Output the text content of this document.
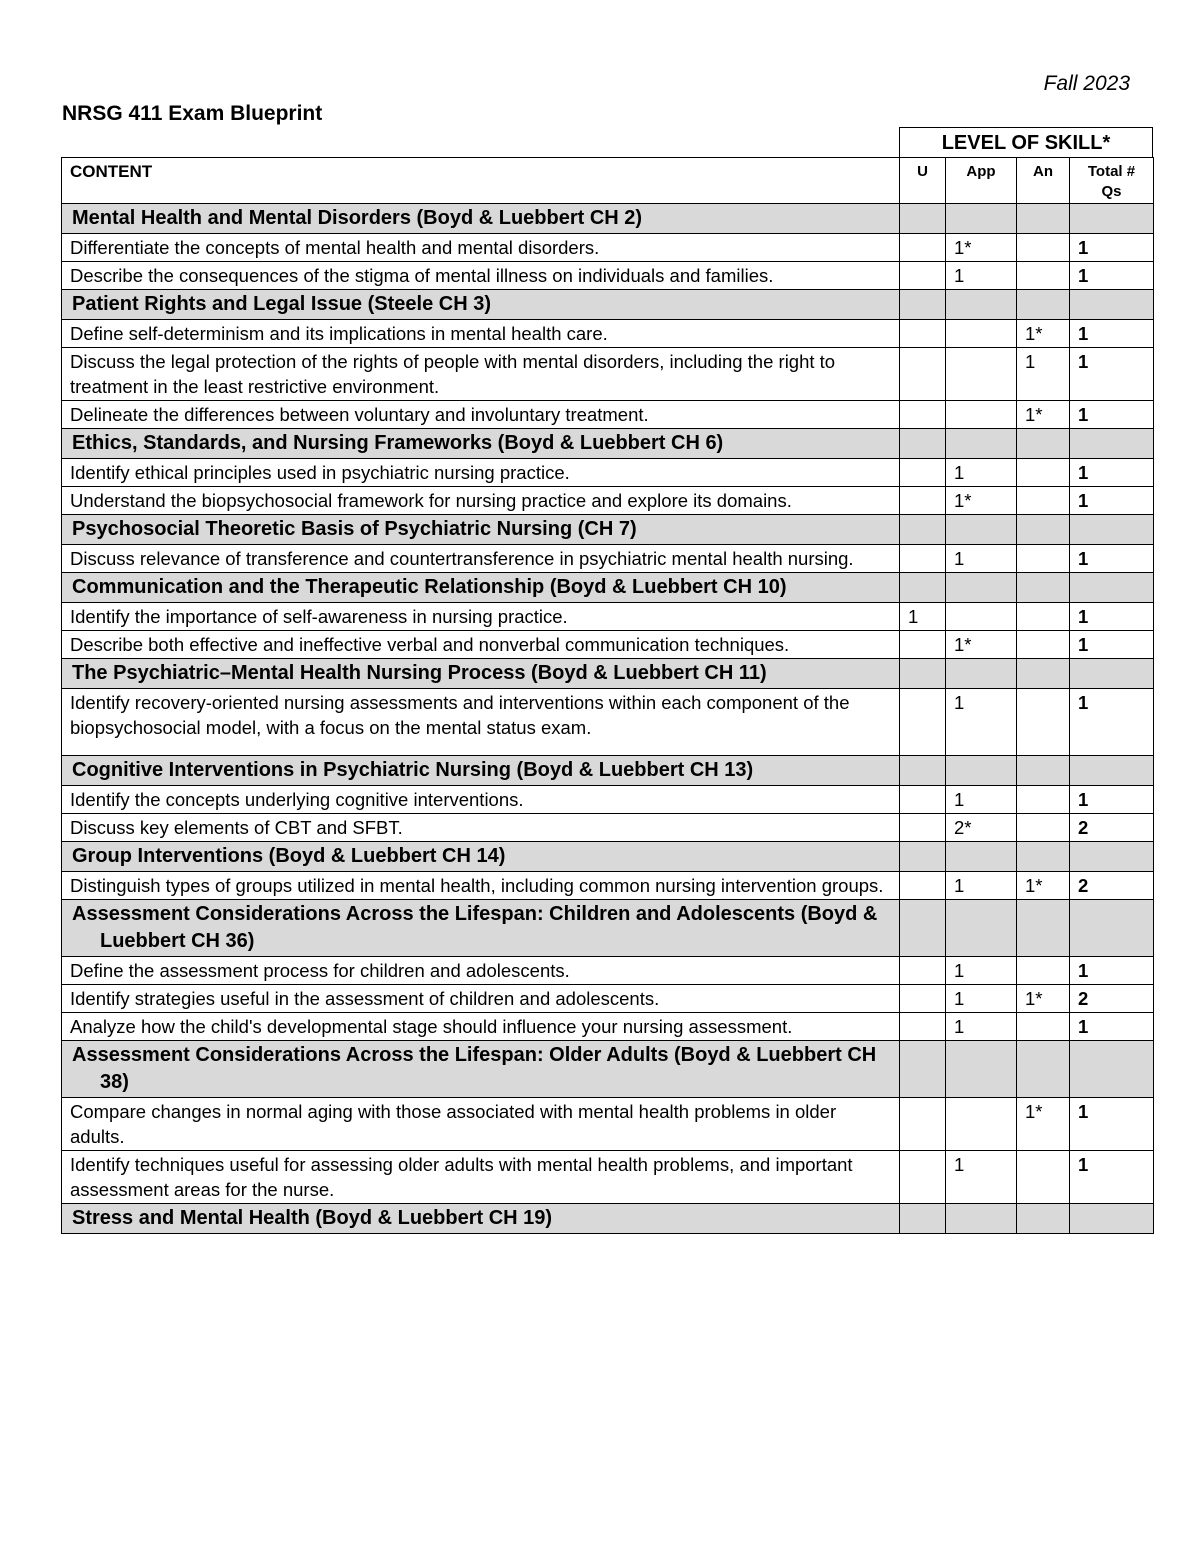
Fall 2023
NRSG 411 Exam Blueprint
LEVEL OF SKILL*
CONTENT	U	App	An	Total # Qs

Mental Health and Mental Disorders (Boyd & Luebbert CH 2)				

Differentiate the concepts of mental health and mental disorders.		1*		1
Describe the consequences of the stigma of mental illness on individuals and families.		1		1

Patient Rights and Legal Issue (Steele CH 3)				

Define self-determinism and its implications in mental health care.			1*	1
Discuss the legal protection of the rights of people with mental disorders, including the right to treatment in the least restrictive environment.			1	1
Delineate the differences between voluntary and involuntary treatment.			1*	1

Ethics, Standards, and Nursing Frameworks (Boyd & Luebbert CH 6)				

Identify ethical principles used in psychiatric nursing practice.		1		1
Understand the biopsychosocial framework for nursing practice and explore its domains.		1*		1

Psychosocial Theoretic Basis of Psychiatric Nursing (CH 7)				

Discuss relevance of transference and countertransference in psychiatric mental health nursing.		1		1

Communication and the Therapeutic Relationship (Boyd & Luebbert CH 10)				

Identify the importance of self-awareness in nursing practice.	1			1
Describe both effective and ineffective verbal and nonverbal communication techniques.		1*		1

The Psychiatric–Mental Health Nursing Process (Boyd & Luebbert CH 11)				

Identify recovery-oriented nursing assessments and interventions within each component of the biopsychosocial model, with a focus on the mental status exam.		1		1

Cognitive Interventions in Psychiatric Nursing (Boyd & Luebbert CH 13)				

Identify the concepts underlying cognitive interventions.		1		1
Discuss key elements of CBT and SFBT.		2*		2

Group Interventions (Boyd & Luebbert CH 14)				

Distinguish types of groups utilized in mental health, including common nursing intervention groups.		1	1*	2

Assessment Considerations Across the Lifespan: Children and Adolescents (Boyd & Luebbert CH 36)				

Define the assessment process for children and adolescents.		1		1
Identify strategies useful in the assessment of children and adolescents.		1	1*	2
Analyze how the child's developmental stage should influence your nursing assessment.		1		1

Assessment Considerations Across the Lifespan: Older Adults (Boyd & Luebbert CH 38)				

Compare changes in normal aging with those associated with mental health problems in older adults.			1*	1
Identify techniques useful for assessing older adults with mental health problems, and important assessment areas for the nurse.		1		1

Stress and Mental Health (Boyd & Luebbert CH 19)				
